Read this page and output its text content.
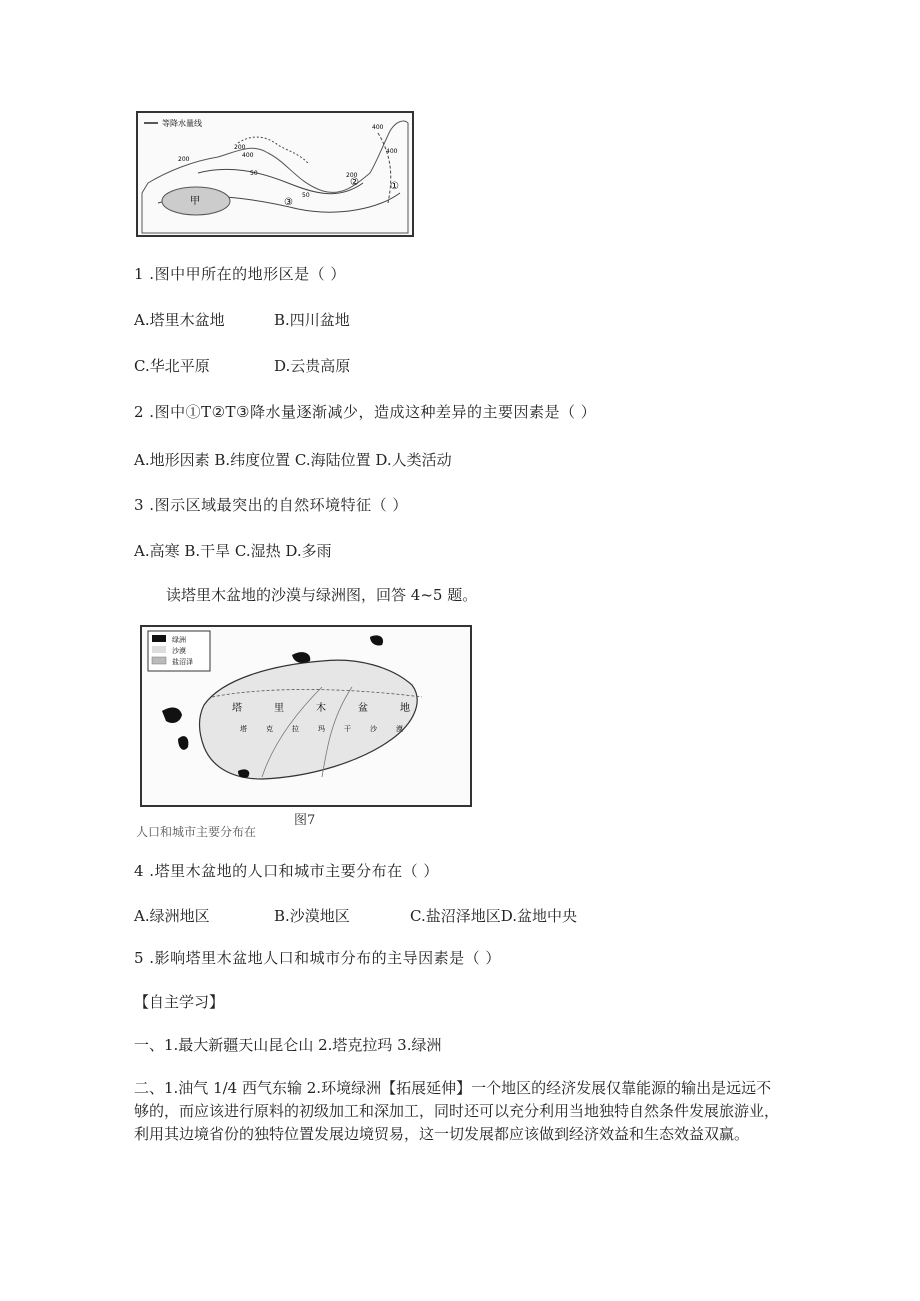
等降水量线
甲
400
200
400
200
50
50
400
200
①
②
③
1 .图中甲所在的地形区是（ ）
A.塔里木盆地	B.四川盆地
C.华北平原	D.云贵高原
2 .图中①T②T③降水量逐渐减少，造成这种差异的主要因素是（ ）
A.地形因素 B.纬度位置 C.海陆位置 D.人类活动
3 .图示区域最突出的自然环境特征（ ）
A.高寒 B.干旱 C.湿热 D.多雨
读塔里木盆地的沙漠与绿洲图，回答 4~5 题。
绿洲
沙漠
盐沼泽
塔	里	木	盆	地
塔	克	拉	玛	干	沙	漠
图7
人口和城市主要分布在
4 .塔里木盆地的人口和城市主要分布在（ ）
A.绿洲地区	B.沙漠地区	C.盐沼泽地区D.盆地中央
5 .影响塔里木盆地人口和城市分布的主导因素是（ ）
【自主学习】
一、1.最大新疆天山昆仑山 2.塔克拉玛 3.绿洲
二、1.油气 1/4 西气东输 2.环境绿洲【拓展延伸】一个地区的经济发展仅靠能源的输出是远远不够的，而应该进行原料的初级加工和深加工，同时还可以充分利用当地独特自然条件发展旅游业，利用其边境省份的独特位置发展边境贸易，这一切发展都应该做到经济效益和生态效益双赢。
